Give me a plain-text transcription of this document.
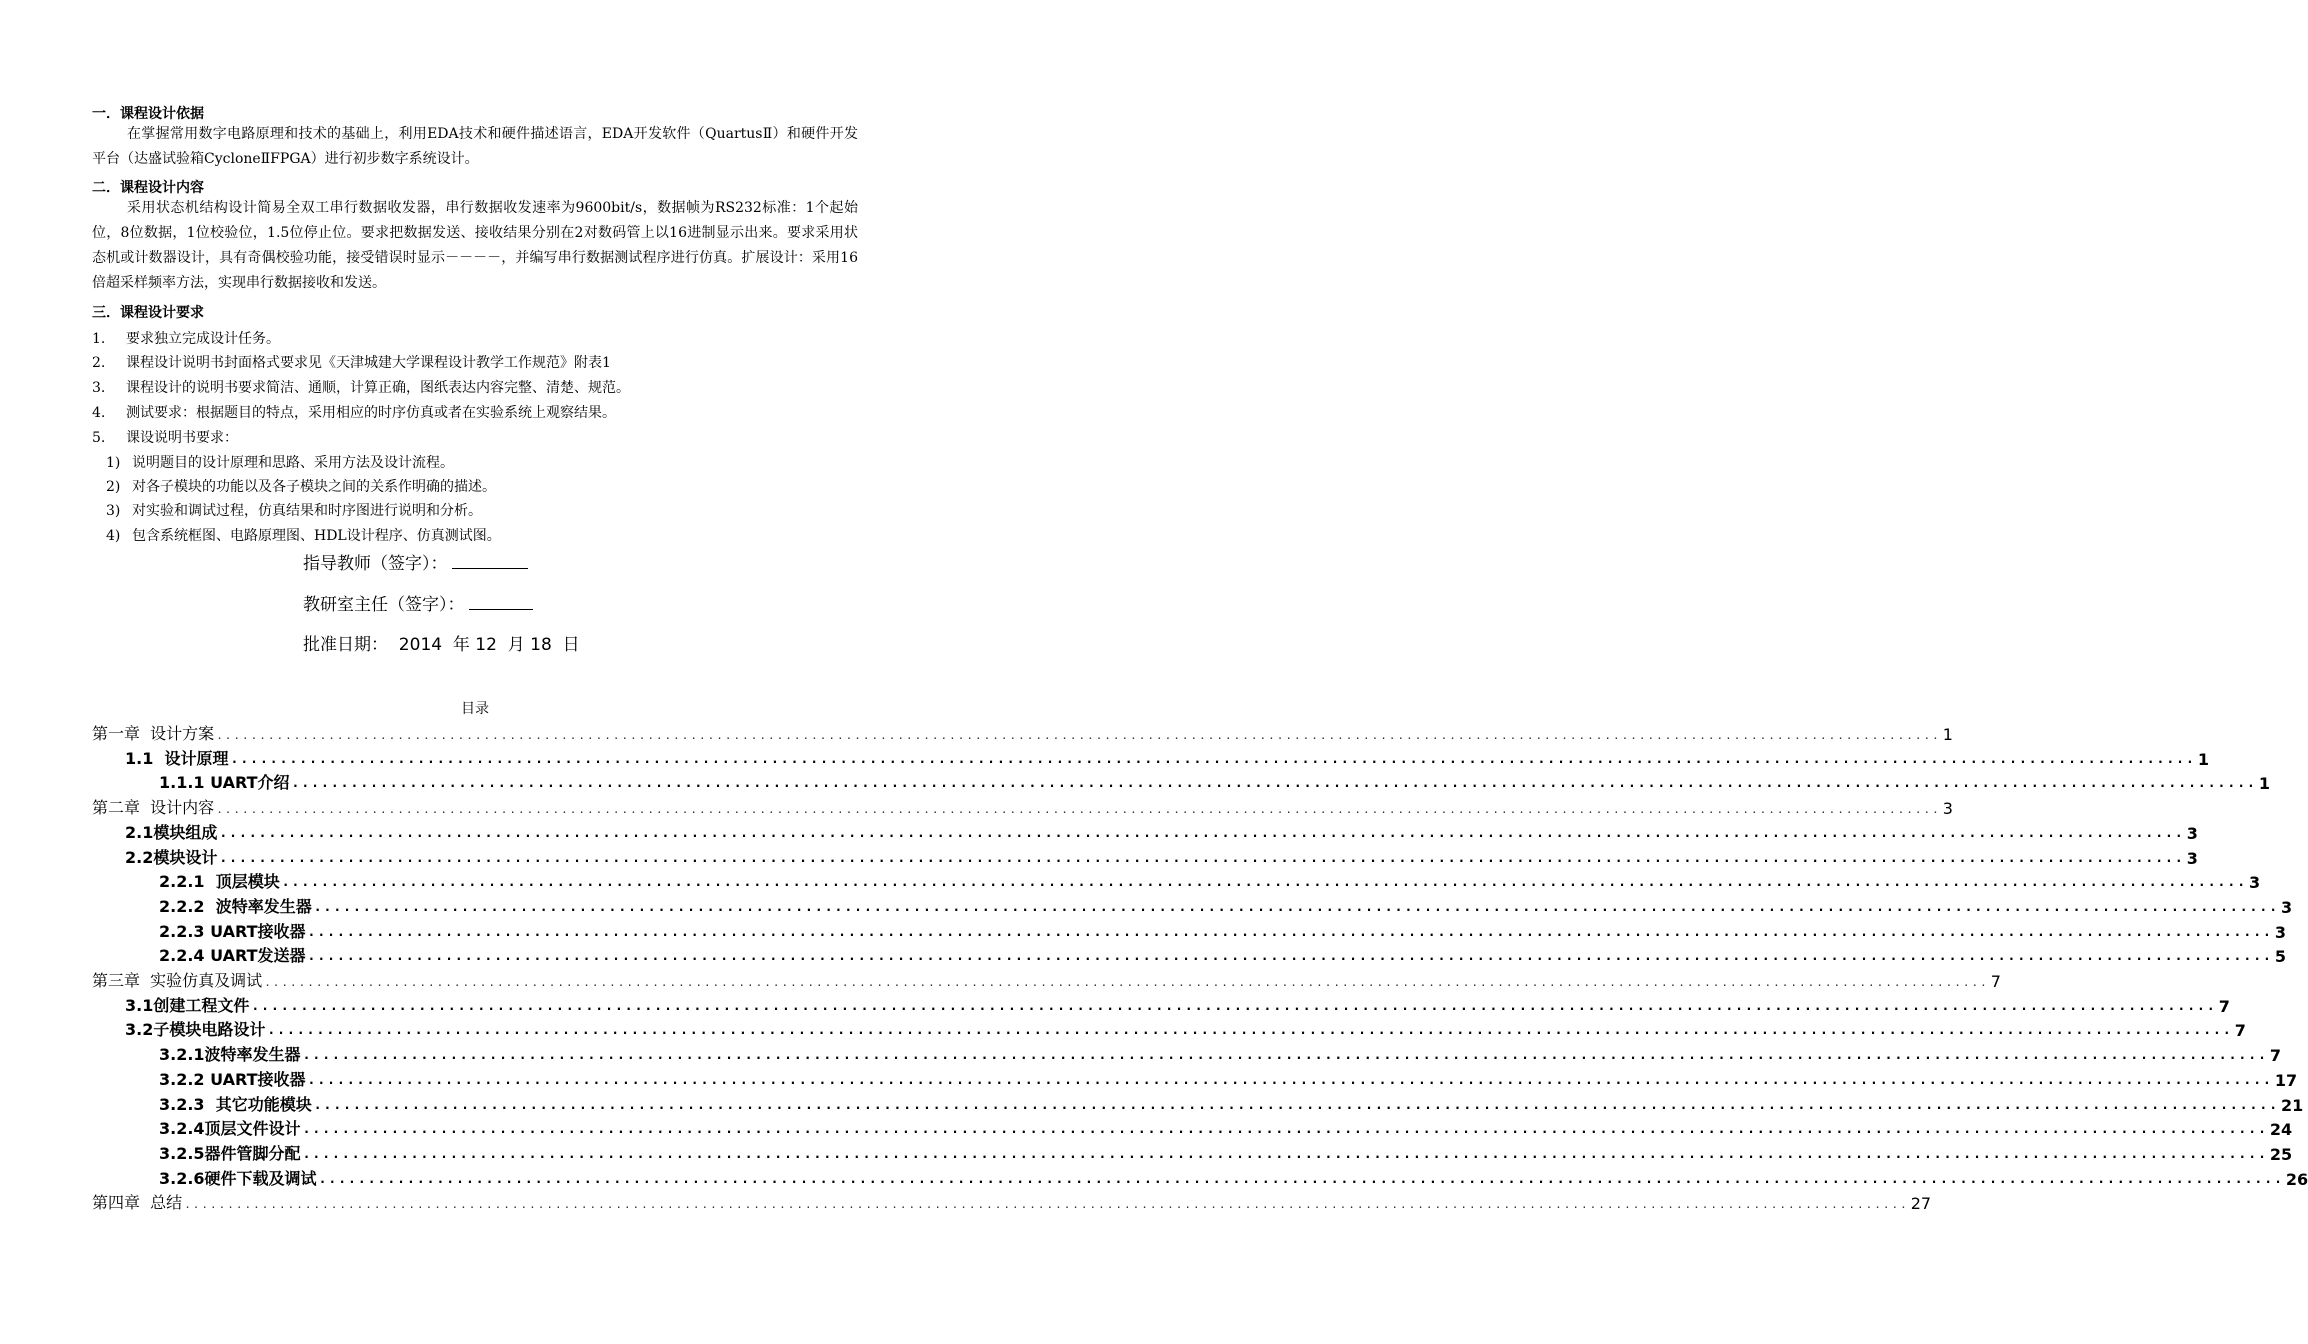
一．课程设计依据
在掌握常用数字电路原理和技术的基础上，利用EDA技术和硬件描述语言，EDA开发软件（QuartusⅡ）和硬件开发平台（达盛试验箱CycloneⅡFPGA）进行初步数字系统设计。
二．课程设计内容
采用状态机结构设计简易全双工串行数据收发器，串行数据收发速率为9600bit/s，数据帧为RS232标准：1个起始位，8位数据，1位校验位，1.5位停止位。要求把数据发送、接收结果分别在2对数码管上以16进制显示出来。要求采用状态机或计数器设计，具有奇偶校验功能，接受错误时显示－－－－，并编写串行数据测试程序进行仿真。扩展设计：采用16倍超采样频率方法，实现串行数据接收和发送。
三．课程设计要求
1. 要求独立完成设计任务。
2. 课程设计说明书封面格式要求见《天津城建大学课程设计教学工作规范》附表1
3. 课程设计的说明书要求简洁、通顺，计算正确，图纸表达内容完整、清楚、规范。
4. 测试要求：根据题目的特点，采用相应的时序仿真或者在实验系统上观察结果。
5. 课设说明书要求：
1) 说明题目的设计原理和思路、采用方法及设计流程。
2) 对各子模块的功能以及各子模块之间的关系作明确的描述。
3) 对实验和调试过程，仿真结果和时序图进行说明和分析。
4) 包含系统框图、电路原理图、HDL设计程序、仿真测试图。
指导教师（签字）：
教研室主任（签字）：
批准日期：  2014  年 12  月 18  日
目录
第一章  设计方案 ........................................................................................................................................................................................................ 1
1.1  设计原理 ........................................................................................................................................................................................................ 1
1.1.1 UART介绍 ........................................................................................................................................................................................................ 1
第二章  设计内容 ........................................................................................................................................................................................................ 3
2.1模块组成 ........................................................................................................................................................................................................ 3
2.2模块设计 ........................................................................................................................................................................................................ 3
2.2.1  顶层模块 ........................................................................................................................................................................................................ 3
2.2.2  波特率发生器 ........................................................................................................................................................................................................ 3
2.2.3 UART接收器 ........................................................................................................................................................................................................ 3
2.2.4 UART发送器 ........................................................................................................................................................................................................ 5
第三章  实验仿真及调试 ........................................................................................................................................................................................................ 7
3.1创建工程文件 ........................................................................................................................................................................................................ 7
3.2子模块电路设计 ........................................................................................................................................................................................................ 7
3.2.1波特率发生器 ........................................................................................................................................................................................................ 7
3.2.2 UART接收器 ........................................................................................................................................................................................................ 17
3.2.3  其它功能模块 ........................................................................................................................................................................................................ 21
3.2.4顶层文件设计 ........................................................................................................................................................................................................ 24
3.2.5器件管脚分配 ........................................................................................................................................................................................................ 25
3.2.6硬件下载及调试 ........................................................................................................................................................................................................ 26
第四章  总结 ........................................................................................................................................................................................................ 27
